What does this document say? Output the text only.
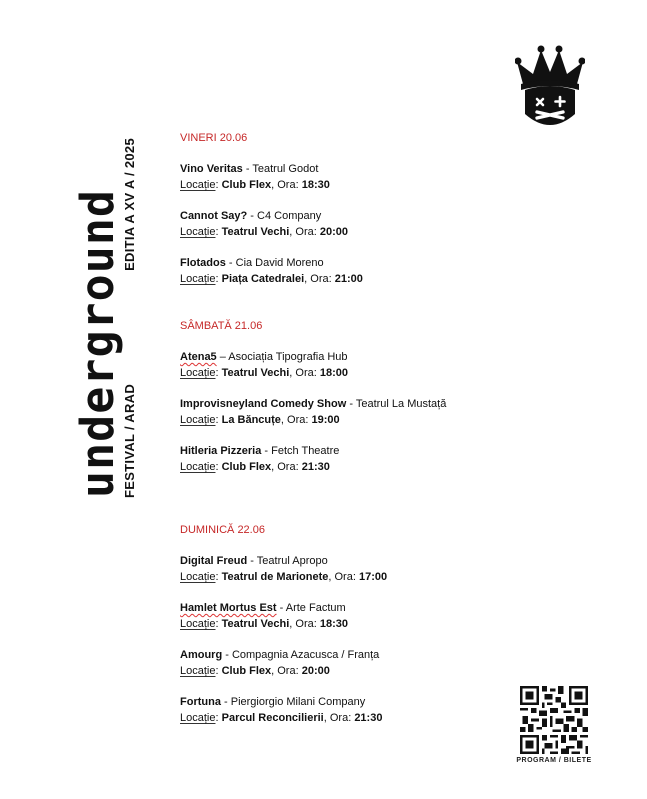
underground
FESTIVAL / ARAD
EDITIA A XV A / 2025	VINERI 20.06
Vino Veritas - Teatrul Godot
Locație: Club Flex, Ora: 18:30
Cannot Say? - C4 Company
Locație: Teatrul Vechi, Ora: 20:00
Flotados - Cia David Moreno
Locație: Piața Catedralei, Ora: 21:00
SÂMBATĂ 21.06
Atena5 – Asociația Tipografia Hub
Locație: Teatrul Vechi, Ora: 18:00
Improvisneyland Comedy Show - Teatrul La Mustață
Locație: La Băncuțe, Ora: 19:00
Hitleria Pizzeria - Fetch Theatre
Locație: Club Flex, Ora: 21:30
DUMINICĂ 22.06
Digital Freud - Teatrul Apropo
Locație: Teatrul de Marionete, Ora: 17:00
Hamlet Mortus Est - Arte Factum
Locație: Teatrul Vechi, Ora: 18:30
Amourg - Compagnia Azacusca / Franța
Locație: Club Flex, Ora: 20:00
Fortuna - Piergiorgio Milani Company
Locație: Parcul Reconcilierii, Ora: 21:30
PROGRAM / BILETE
